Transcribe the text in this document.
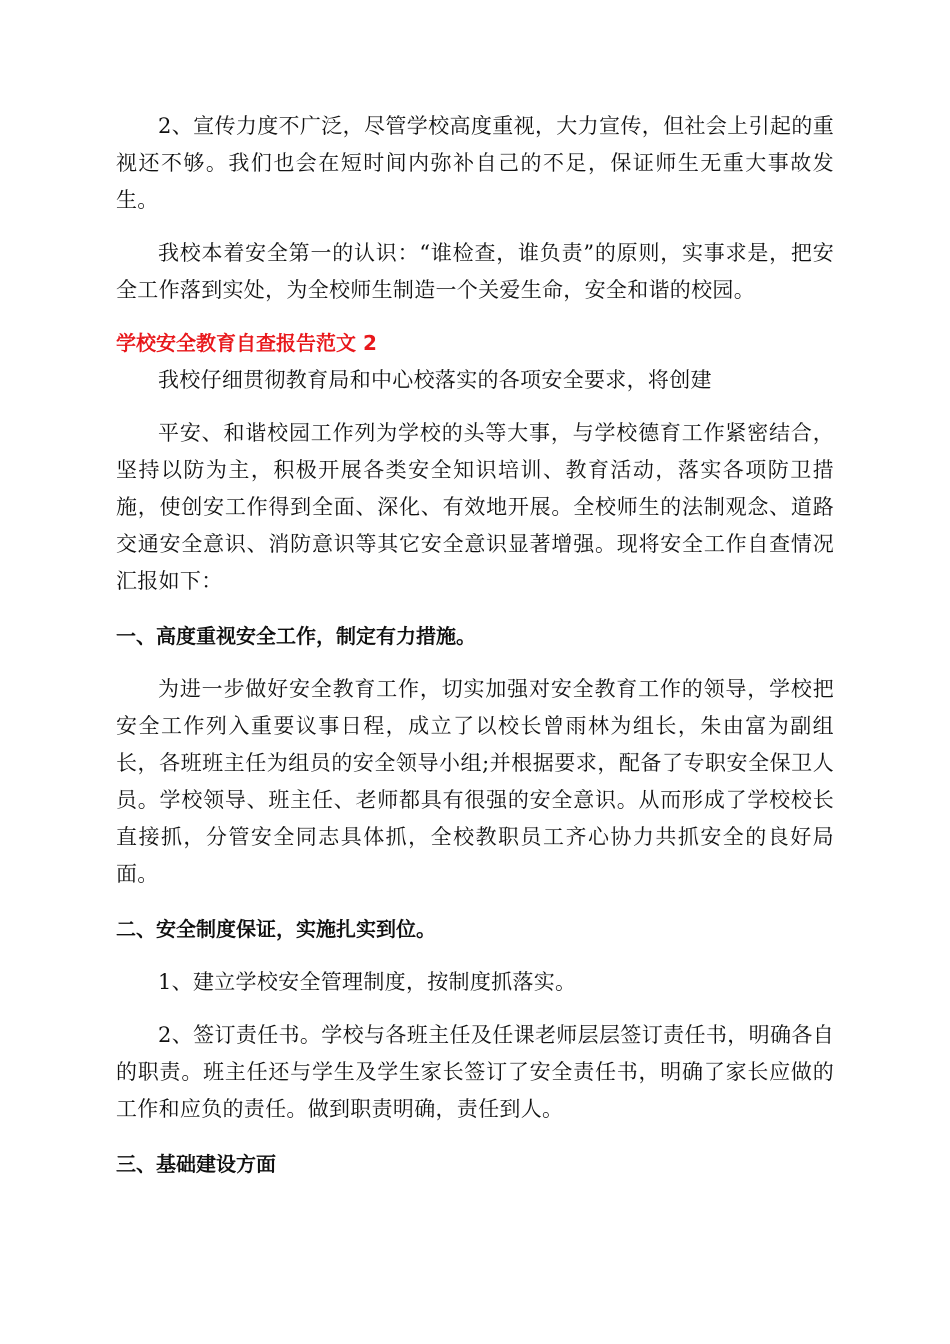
2、宣传力度不广泛，尽管学校高度重视，大力宣传，但社会上引起的重视还不够。我们也会在短时间内弥补自己的不足，保证师生无重大事故发生。

我校本着安全第一的认识：“谁检查，谁负责”的原则，实事求是，把安全工作落到实处，为全校师生制造一个关爱生命，安全和谐的校园。

学校安全教育自查报告范文 2

我校仔细贯彻教育局和中心校落实的各项安全要求，将创建

平安、和谐校园工作列为学校的头等大事，与学校德育工作紧密结合，坚持以防为主，积极开展各类安全知识培训、教育活动，落实各项防卫措施，使创安工作得到全面、深化、有效地开展。全校师生的法制观念、道路交通安全意识、消防意识等其它安全意识显著增强。现将安全工作自查情况汇报如下：

一、高度重视安全工作，制定有力措施。

为进一步做好安全教育工作，切实加强对安全教育工作的领导，学校把安全工作列入重要议事日程，成立了以校长曾雨林为组长，朱由富为副组长，各班班主任为组员的安全领导小组;并根据要求，配备了专职安全保卫人员。学校领导、班主任、老师都具有很强的安全意识。从而形成了学校校长直接抓，分管安全同志具体抓，全校教职员工齐心协力共抓安全的良好局面。

二、安全制度保证，实施扎实到位。

1、建立学校安全管理制度，按制度抓落实。

2、签订责任书。学校与各班主任及任课老师层层签订责任书，明确各自的职责。班主任还与学生及学生家长签订了安全责任书，明确了家长应做的工作和应负的责任。做到职责明确，责任到人。

三、基础建设方面
